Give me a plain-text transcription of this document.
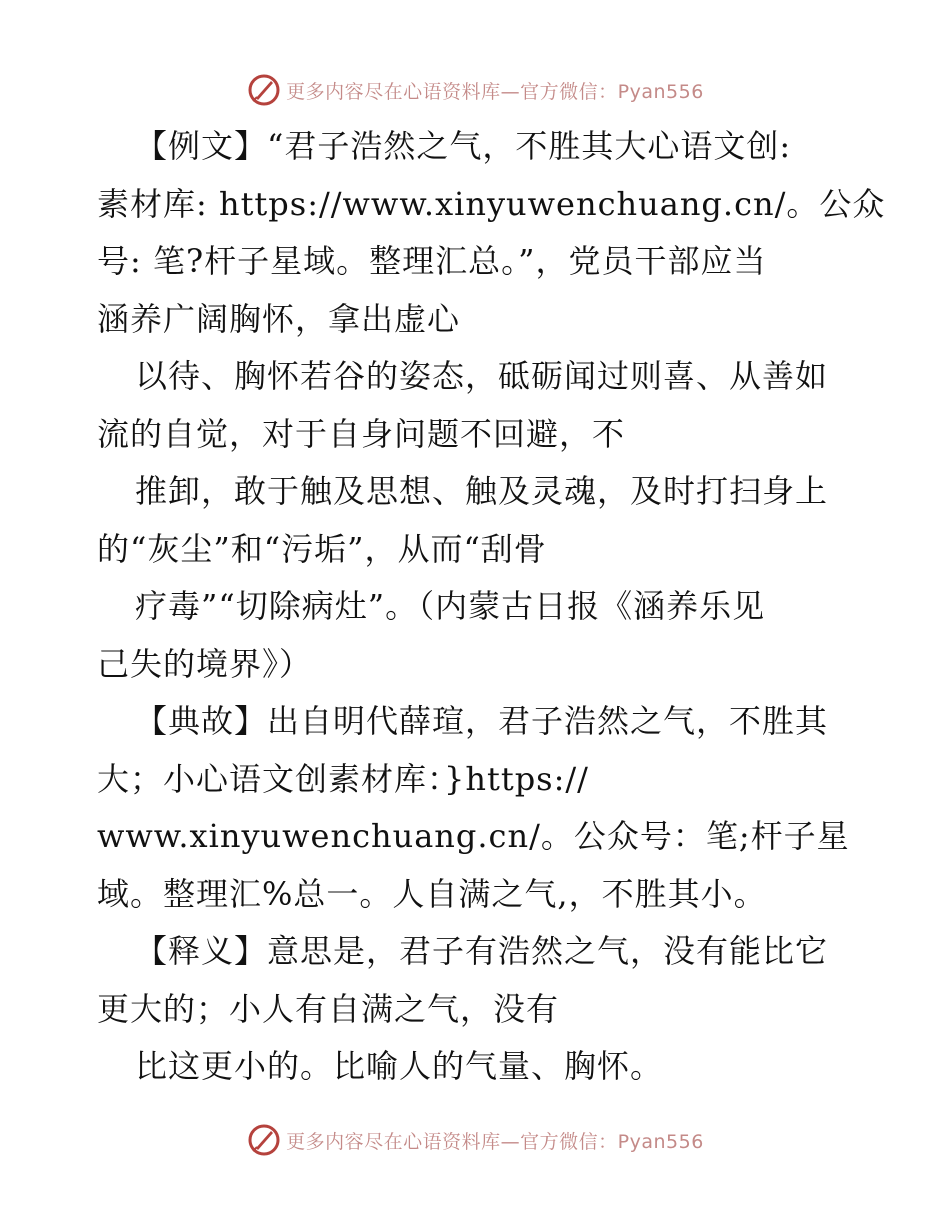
更多内容尽在心语资料库—官方微信：Pyan556
【例文】“君子浩然之气，不胜其大心语文创:
素材库: https://www.xinyuwenchuang.cn/。公众
号: 笔?杆子星域。整理汇总。”，党员干部应当
涵养广阔胸怀，拿出虚心
以待、胸怀若谷的姿态，砥砺闻过则喜、从善如
流的自觉，对于自身问题不回避，不
推卸，敢于触及思想、触及灵魂，及时打扫身上
的“灰尘”和“污垢”，从而“刮骨
疗毒”“切除病灶”。（内蒙古日报《涵养乐见
己失的境界》）
【典故】出自明代薛瑄，君子浩然之气，不胜其
大；小心语文创素材库：}https://
www.xinyuwenchuang.cn/。公众号：笔;杆子星
域。整理汇%总一。人自满之气,，不胜其小。
【释义】意思是，君子有浩然之气，没有能比它
更大的；小人有自满之气，没有
比这更小的。比喻人的气量、胸怀。
更多内容尽在心语资料库—官方微信：Pyan556
